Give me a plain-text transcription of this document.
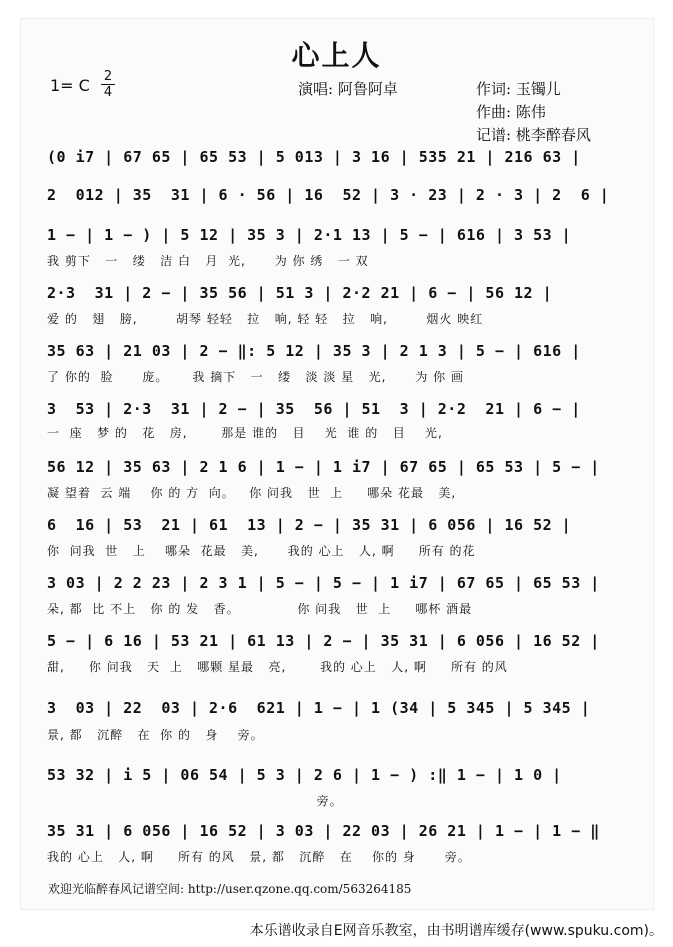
心上人
1= C 2
4	演唱: 阿鲁阿卓	作词: 玉镯儿
作曲: 陈伟
记谱: 桃李醉春风
(0 i7 | 67 65 | 65 53 | 5 013 | 3 16 | 535 21 | 216 63 |
2  012 | 35  31 | 6 · 56 | 16  52 | 3 · 23 | 2 · 3 | 2  6 |
1 − | 1 − ) | 5 12 | 35 3 | 2·1 13 | 5 − | 616 | 3 53 |
我 剪下   一   缕   洁 白   月  光,      为 你 绣   一 双
2·3  31 | 2 − | 35 56 | 51 3 | 2·2 21 | 6 − | 56 12 |
爱 的   翅   膀,        胡琴 轻轻   拉   响, 轻 轻   拉   响,        烟火 映红
35 63 | 21 03 | 2 − ‖: 5 12 | 35 3 | 2 1 3 | 5 − | 616 |
了 你的  脸      庞。     我 摘下   一   缕   淡 淡 星   光,      为 你 画
3  53 | 2·3  31 | 2 − | 35  56 | 51  3 | 2·2  21 | 6 − |
一  座   梦 的   花   房,       那是 谁的   目    光  谁 的   目    光,
56 12 | 35 63 | 2 1 6 | 1 − | 1 i7 | 67 65 | 65 53 | 5 − |
凝 望着  云 端    你 的 方  向。   你 问我   世  上     哪朵 花最   美,
6  16 | 53  21 | 61  13 | 2 − | 35 31 | 6 056 | 16 52 |
你  问我  世   上    哪朵  花最   美,      我的 心上   人, 啊     所有 的花
3 03 | 2 2 23 | 2 3 1 | 5 − | 5 − | 1 i7 | 67 65 | 65 53 |
朵, 都  比 不上   你 的 发   香。            你 问我   世  上     哪杯 酒最
5 − | 6 16 | 53 21 | 61 13 | 2 − | 35 31 | 6 056 | 16 52 |
甜,     你 问我   天  上   哪颗 星最   亮,       我的 心上   人, 啊     所有 的风
3  03 | 22  03 | 2·6  621 | 1 − | 1 (34 | 5 345 | 5 345 |
景, 都   沉醉   在  你 的   身    旁。
53 32 | i 5 | 06 54 | 5 3 | 2 6 | 1 − ) :‖ 1 − | 1 0 |
旁。
35 31 | 6 056 | 16 52 | 3 03 | 22 03 | 26 21 | 1 − | 1 − ‖
我的 心上   人, 啊     所有 的风   景, 都   沉醉   在    你的 身      旁。
欢迎光临醉春风记谱空间: http://user.qzone.qq.com/563264185
本乐谱收录自E网音乐教室，由书明谱库缓存(www.spuku.com)。
